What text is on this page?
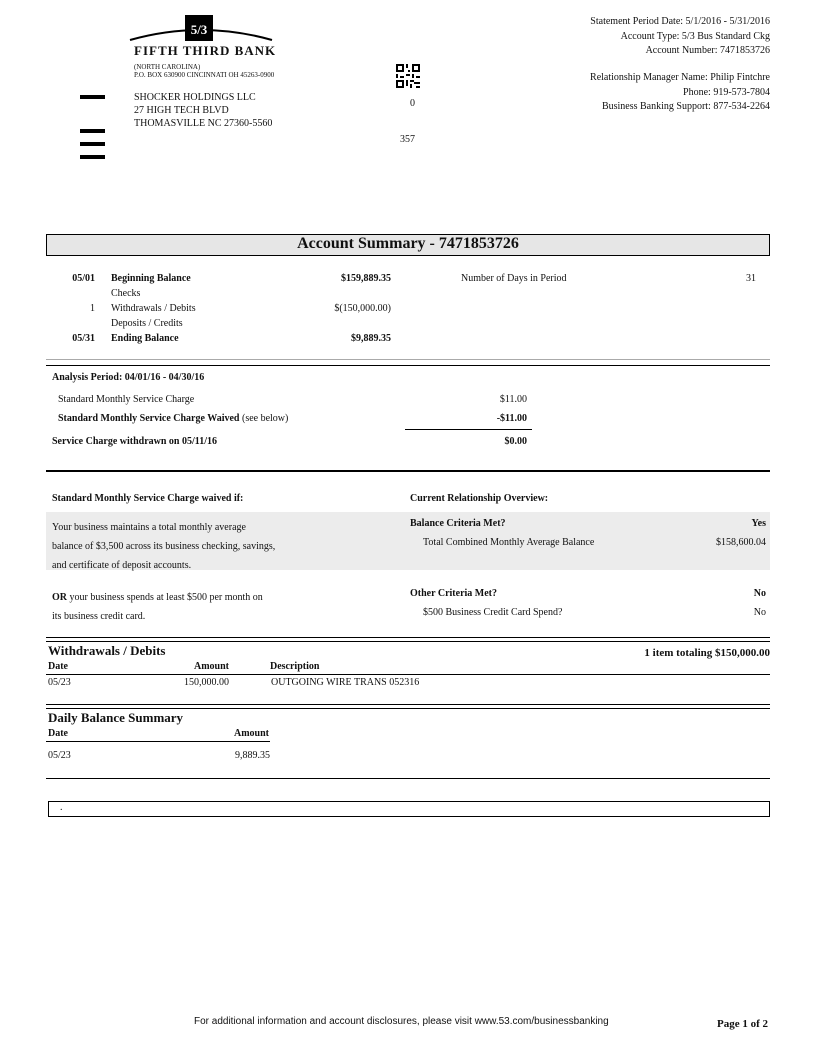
5/3
FIFTH THIRD BANK
(NORTH CAROLINA)
P.O. BOX 630900 CINCINNATI OH 45263-0900
SHOCKER HOLDINGS LLC
27 HIGH TECH BLVD
THOMASVILLE NC 27360-5560
0
357
Statement Period Date: 5/1/2016 - 5/31/2016
Account Type: 5/3 Bus Standard Ckg
Account Number: 7471853726
Relationship Manager Name: Philip Fintchre
Phone: 919-573-7804
Business Banking Support: 877-534-2264
Account Summary - 7471853726
05/01 Beginning Balance	$159,889.35
Checks
1 Withdrawals / Debits	$(150,000.00)
Deposits / Credits
05/31 Ending Balance	$9,889.35
Number of Days in Period	31
Analysis Period: 04/01/16 - 04/30/16
Standard Monthly Service Charge	$11.00
Standard Monthly Service Charge Waived (see below)	-$11.00
Service Charge withdrawn on 05/11/16	$0.00
Standard Monthly Service Charge waived if:	Current Relationship Overview:
Your business maintains a total monthly average
balance of $3,500 across its business checking, savings,
and certificate of deposit accounts.
Balance Criteria Met?	Yes
Total Combined Monthly Average Balance	$158,600.04
OR your business spends at least $500 per month on
its business credit card.
Other Criteria Met?	No
$500 Business Credit Card Spend?	No
Withdrawals / Debits	1 item totaling $150,000.00
Date	Amount	Description
05/23	150,000.00	OUTGOING WIRE TRANS 052316
Daily Balance Summary
Date	Amount
05/23	9,889.35
.
For additional information and account disclosures, please visit www.53.com/businessbanking	Page 1 of 2
